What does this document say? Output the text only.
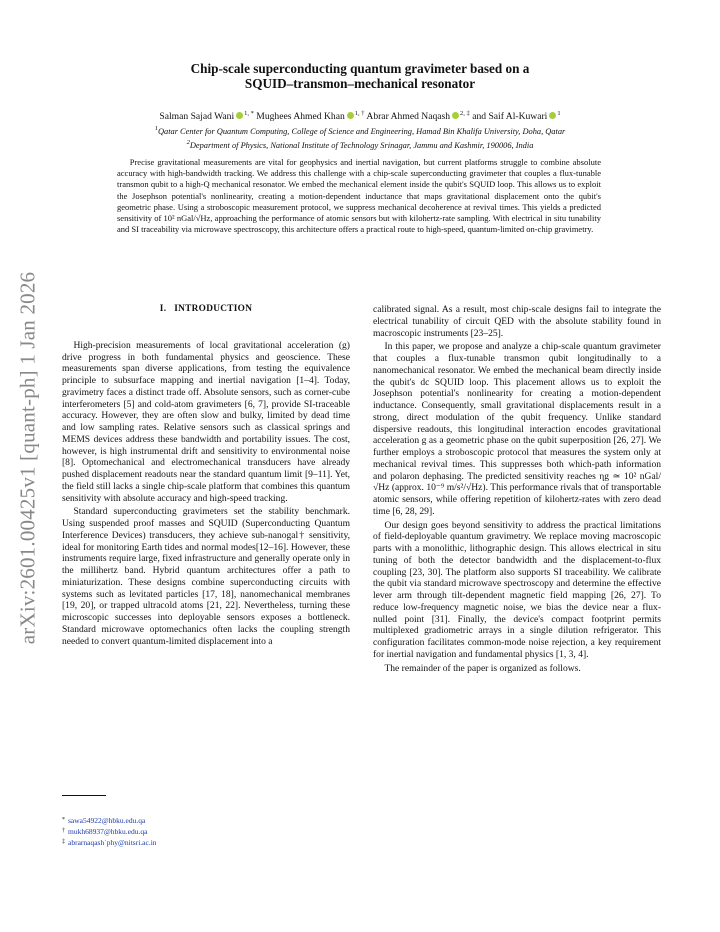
arXiv:2601.00425v1 [quant-ph] 1 Jan 2026
Chip-scale superconducting quantum gravimeter based on a
SQUID–transmon–mechanical resonator
Salman Sajad Wani $^{1, *}$ Mughees Ahmed Khan $^{1, \dagger}$ Abrar Ahmed Naqash $^{2, \ddagger}$ and Saif Al-Kuwari $^1$
$^1$Qatar Center for Quantum Computing, College of Science and Engineering, Hamad Bin Khalifa University, Doha, Qatar
$^2$Department of Physics, National Institute of Technology Srinagar, Jammu and Kashmir, 190006, India
Precise gravitational measurements are vital for geophysics and inertial navigation, but current platforms struggle to combine absolute accuracy with high-bandwidth tracking. We address this challenge with a chip-scale superconducting gravimeter that couples a flux-tunable transmon qubit to a high-Q mechanical resonator. We embed the mechanical element inside the qubit's SQUID loop. This allows us to exploit the Josephson potential's nonlinearity, creating a motion-dependent inductance that maps gravitational displacement onto the qubit's geometric phase. Using a stroboscopic measurement protocol, we suppress mechanical decoherence at revival times. This yields a predicted sensitivity of 10² nGal/√Hz, approaching the performance of atomic sensors but with kilohertz-rate sampling. With electrical in situ tunability and SI traceability via microwave spectroscopy, this architecture offers a practical route to high-speed, quantum-limited on-chip gravimetry.
I. INTRODUCTION

High-precision measurements of local gravitational acceleration (g) drive progress in both fundamental physics and geoscience. These measurements span diverse applications, from testing the equivalence principle to subsurface mapping and inertial navigation [1–4]. Today, gravimetry faces a distinct trade off. Absolute sensors, such as corner-cube interferometers [5] and cold-atom gravimeters [6, 7], provide SI-traceable accuracy. However, they are often slow and bulky, limited by dead time and low sampling rates. Relative sensors such as classical springs and MEMS devices address these bandwidth and portability issues. The cost, however, is high instrumental drift and sensitivity to environmental noise [8]. Optomechanical and electromechanical transducers have already pushed displacement readouts near the standard quantum limit [9–11]. Yet, the field still lacks a single chip-scale platform that combines this quantum sensitivity with absolute accuracy and high-speed tracking.

Standard superconducting gravimeters set the stability benchmark. Using suspended proof masses and SQUID (Superconducting Quantum Interference Devices) transducers, they achieve sub-nanogal† sensitivity, ideal for monitoring Earth tides and normal modes[12–16]. However, these instruments require large, fixed infrastructure and generally operate only in the millihertz band. Hybrid quantum architectures offer a path to miniaturization. These designs combine superconducting circuits with systems such as levitated particles [17, 18], nanomechanical membranes [19, 20], or trapped ultracold atoms [21, 22]. Nevertheless, turning these microscopic successes into deployable sensors exposes a bottleneck. Standard microwave optomechanics often lacks the coupling strength needed to convert quantum-limited displacement into a

calibrated signal. As a result, most chip-scale designs fail to integrate the electrical tunability of circuit QED with the absolute stability found in macroscopic instruments [23–25].

In this paper, we propose and analyze a chip-scale quantum gravimeter that couples a flux-tunable transmon qubit longitudinally to a nanomechanical resonator. We embed the mechanical beam directly inside the qubit's dc SQUID loop. This placement allows us to exploit the Josephson potential's nonlinearity for creating a motion-dependent inductance. Consequently, small gravitational displacements result in a strong, direct modulation of the qubit frequency. Unlike standard dispersive readouts, this longitudinal interaction encodes gravitational acceleration g as a geometric phase on the qubit superposition [26, 27]. We further employs a stroboscopic protocol that measures the system only at mechanical revival times. This suppresses both which-path information and polaron dephasing. The predicted sensitivity reaches ηg ≃ 10² nGal/√Hz (approx. 10⁻⁹ m/s²/√Hz). This performance rivals that of transportable atomic sensors, while offering repetition of kilohertz-rates with zero dead time [6, 28, 29].

Our design goes beyond sensitivity to address the practical limitations of field-deployable quantum gravimetry. We replace moving macroscopic parts with a monolithic, lithographic design. This allows electrical in situ tuning of both the detector bandwidth and the displacement-to-flux coupling [23, 30]. The platform also supports SI traceability. We calibrate the qubit via standard microwave spectroscopy and determine the effective lever arm through tilt-dependent magnetic field mapping [26, 27]. To reduce low-frequency magnetic noise, we bias the device near a flux-nulled point [31]. Finally, the device's compact footprint permits multiplexed gradiometric arrays in a single dilution refrigerator. This configuration facilitates common-mode noise rejection, a key requirement for inertial navigation and fundamental physics [1, 3, 4].

The remainder of the paper is organized as follows.

* sawa54922@hbku.edu.qa
† mukh68937@hbku.edu.qa
‡ abrarnaqash˙phy@nitsri.ac.in
